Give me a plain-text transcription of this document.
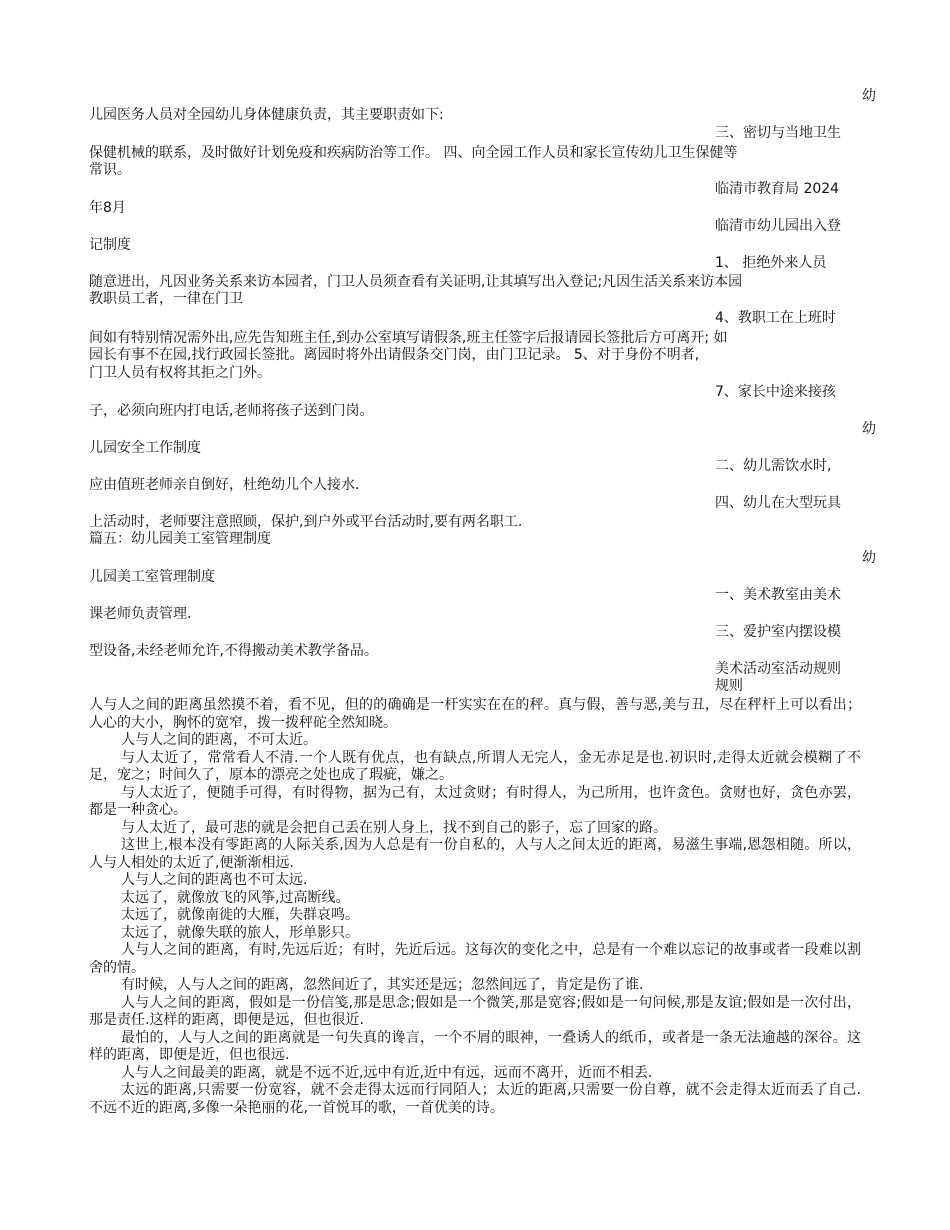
幼
儿园医务人员对全园幼儿身体健康负责，其主要职责如下:
三、密切与当地卫生
保健机械的联系，及时做好计划免疫和疾病防治等工作。 四、向全园工作人员和家长宣传幼儿卫生保健等
常识。
临清市教育局 2024
年8月
临清市幼儿园出入登
记制度
1、 拒绝外来人员
随意进出，凡因业务关系来访本园者，门卫人员须查看有关证明,让其填写出入登记;凡因生活关系来访本园
教职员工者，一律在门卫
4、教职工在上班时
间如有特别情况需外出,应先告知班主任,到办公室填写请假条,班主任签字后报请园长签批后方可离开; 如
园长有事不在园,找行政园长签批。离园时将外出请假条交门岗，由门卫记录。 5、对于身份不明者,
门卫人员有权将其拒之门外。
7、家长中途来接孩
子，必须向班内打电话,老师将孩子送到门岗。
幼
儿园安全工作制度
二、幼儿需饮水时,
应由值班老师亲自倒好，杜绝幼儿个人接水.
四、幼儿在大型玩具
上活动时，老师要注意照顾，保护,到户外或平台活动时,要有两名职工.
篇五：幼儿园美工室管理制度
幼
儿园美工室管理制度
一、美术教室由美术
课老师负责管理.
三、爱护室内摆设模
型设备,未经老师允许,不得搬动美术教学备品。
美术活动室活动规则
规则

人与人之间的距离虽然摸不着，看不见，但的的确确是一杆实实在在的秤。真与假，善与恶,美与丑，尽在秤杆上可以看出；人心的大小，胸怀的宽窄，拨一拨秤砣全然知晓。

人与人之间的距离，不可太近。

与人太近了，常常看人不清.一个人既有优点，也有缺点,所谓人无完人，金无赤足是也.初识时,走得太近就会模糊了不足，宠之；时间久了，原本的漂亮之处也成了瑕疵，嫌之。

与人太近了，便随手可得，有时得物，据为己有，太过贪财；有时得人，为己所用，也许贪色。贪财也好，贪色亦罢，都是一种贪心。

与人太近了，最可悲的就是会把自己丢在别人身上，找不到自己的影子，忘了回家的路。

这世上,根本没有零距离的人际关系,因为人总是有一份自私的，人与人之间太近的距离，易滋生事端,恩怨相随。所以，人与人相处的太近了,便渐渐相远.

人与人之间的距离也不可太远.

太远了，就像放飞的风筝,过高断线。

太远了，就像南徙的大雁，失群哀鸣。

太远了，就像失联的旅人，形单影只。

人与人之间的距离，有时,先远后近；有时，先近后远。这每次的变化之中，总是有一个难以忘记的故事或者一段难以割舍的情。

有时候，人与人之间的距离，忽然间近了，其实还是远；忽然间远了，肯定是伤了谁.

人与人之间的距离，假如是一份信笺,那是思念;假如是一个微笑,那是宽容;假如是一句问候,那是友谊;假如是一次付出，那是责任.这样的距离，即便是远，但也很近.

最怕的，人与人之间的距离就是一句失真的谗言，一个不屑的眼神，一叠诱人的纸币，或者是一条无法逾越的深谷。这样的距离，即便是近，但也很远.

人与人之间最美的距离，就是不远不近,远中有近,近中有远，远而不离开，近而不相丢.

太远的距离,只需要一份宽容，就不会走得太远而行同陌人；太近的距离,只需要一份自尊，就不会走得太近而丢了自己.不远不近的距离,多像一朵艳丽的花,一首悦耳的歌，一首优美的诗。
